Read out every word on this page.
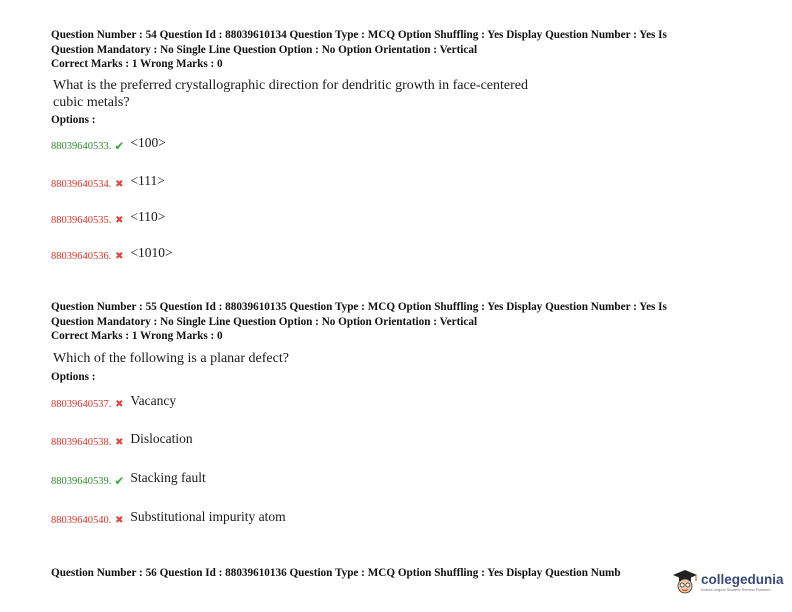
Question Number : 54 Question Id : 88039610134 Question Type : MCQ Option Shuffling : Yes Display Question Number : Yes Is
Question Mandatory : No Single Line Question Option : No Option Orientation : Vertical
Correct Marks : 1 Wrong Marks : 0
What is the preferred crystallographic direction for dendritic growth in face-centered
cubic metals?
Options :
88039640533. ✔ <100>
88039640534. ✖ <111>
88039640535. ✖ <110>
88039640536. ✖ <1010>
Question Number : 55 Question Id : 88039610135 Question Type : MCQ Option Shuffling : Yes Display Question Number : Yes Is
Question Mandatory : No Single Line Question Option : No Option Orientation : Vertical
Correct Marks : 1 Wrong Marks : 0
Which of the following is a planar defect?
Options :
88039640537. ✖ Vacancy
88039640538. ✖ Dislocation
88039640539. ✔ Stacking fault
88039640540. ✖ Substitutional impurity atom
Question Number : 56 Question Id : 88039610136 Question Type : MCQ Option Shuffling : Yes Display Question Numb	collegedunia
India's largest Student Review Platform
